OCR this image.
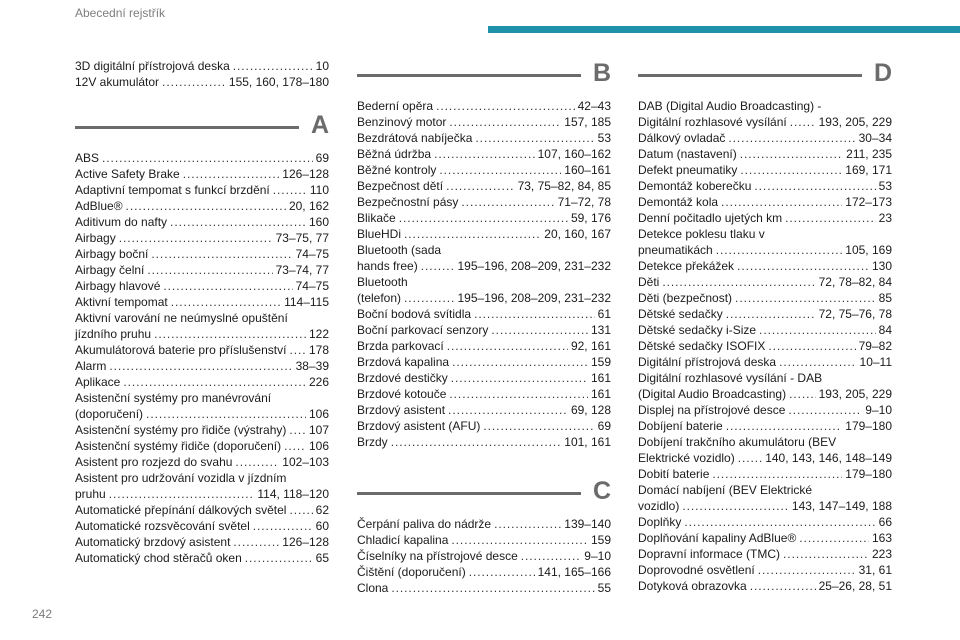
Abecední rejstřík
3D digitální přístrojová deska . . .	10
12V akumulátor . . .	155, 160, 178–180
A
ABS . . .	69
Active Safety Brake . . .	126–128
Adaptivní tempomat s funkcí brzdění . . .	110
AdBlue® . . .	20, 162
Aditivum do nafty . . .	160
Airbagy . . .	73–75, 77
Airbagy boční . . .	74–75
Airbagy čelní . . .	73–74, 77
Airbagy hlavové . . .	74–75
Aktivní tempomat . . .	114–115
Aktivní varování ne neúmyslné opuštění
jízdního pruhu . . .	122
Akumulátorová baterie pro příslušenství . . . 178
Alarm . . .	38–39
Aplikace . . .	226
Asistenční systémy pro manévrování
(doporučení) . . .	106
Asistenční systémy pro řidiče (výstrahy) . . . 107
Asistenční systémy řidiče (doporučení) . . . 106
Asistent pro rozjezd do svahu . . .	102–103
Asistent pro udržování vozidla v jízdním
pruhu . . .	114, 118–120
Automatické přepínání dálkových světel . . . 62
Automatické rozsvěcování světel . . .	60
Automatický brzdový asistent . . .	126–128
Automatický chod stěračů oken . . .	65
B
Bederní opěra . . .	42–43
Benzinový motor . . .	157, 185
Bezdrátová nabíječka . . .	53
Běžná údržba . . .	107, 160–162
Běžné kontroly . . .	160–161
Bezpečnost dětí . . .	73, 75–82, 84, 85
Bezpečnostní pásy . . .	71–72, 78
Blikače . . .	59, 176
BlueHDi . . .	20, 160, 167
Bluetooth (sada
hands free) . . .	195–196, 208–209, 231–232
Bluetooth
(telefon) . . .	195–196, 208–209, 231–232
Boční bodová svítidla . . .	61
Boční parkovací senzory . . .	131
Brzda parkovací . . .	92, 161
Brzdová kapalina . . .	159
Brzdové destičky . . .	161
Brzdové kotouče . . .	161
Brzdový asistent . . .	69, 128
Brzdový asistent (AFU) . . .	69
Brzdy . . .	101, 161
C
Čerpání paliva do nádrže . . .	139–140
Chladicí kapalina . . .	159
Číselníky na přístrojové desce . . .	9–10
Čištění (doporučení) . . .	141, 165–166
Clona . . .	55
D
DAB (Digital Audio Broadcasting) -
Digitální rozhlasové vysílání . . .	193, 205, 229
Dálkový ovladač . . .	30–34
Datum (nastavení) . . .	211, 235
Defekt pneumatiky . . .	169, 171
Demontáž koberečku . . .	53
Demontáž kola . . .	172–173
Denní počitadlo ujetých km . . .	23
Detekce poklesu tlaku v
pneumatikách . . .	105, 169
Detekce překážek . . .	130
Děti . . .	72, 78–82, 84
Děti (bezpečnost) . . .	85
Dětské sedačky . . .	72, 75–76, 78
Dětské sedačky i-Size . . .	84
Dětské sedačky ISOFIX . . .	79–82
Digitální přístrojová deska . . .	10–11
Digitální rozhlasové vysílání - DAB
(Digital Audio Broadcasting) . . .	193, 205, 229
Displej na přístrojové desce . . .	9–10
Dobíjení baterie . . .	179–180
Dobíjení trakčního akumulátoru (BEV
Elektrické vozidlo) . . .	140, 143, 146, 148–149
Dobití baterie . . .	179–180
Domácí nabíjení (BEV Elektrické
vozidlo) . . .	143, 147–149, 188
Doplňky . . .	66
Doplňování kapaliny AdBlue® . . .	163
Dopravní informace (TMC) . . .	223
Doprovodné osvětlení . . .	31, 61
Dotyková obrazovka . . .	25–26, 28, 51
242
